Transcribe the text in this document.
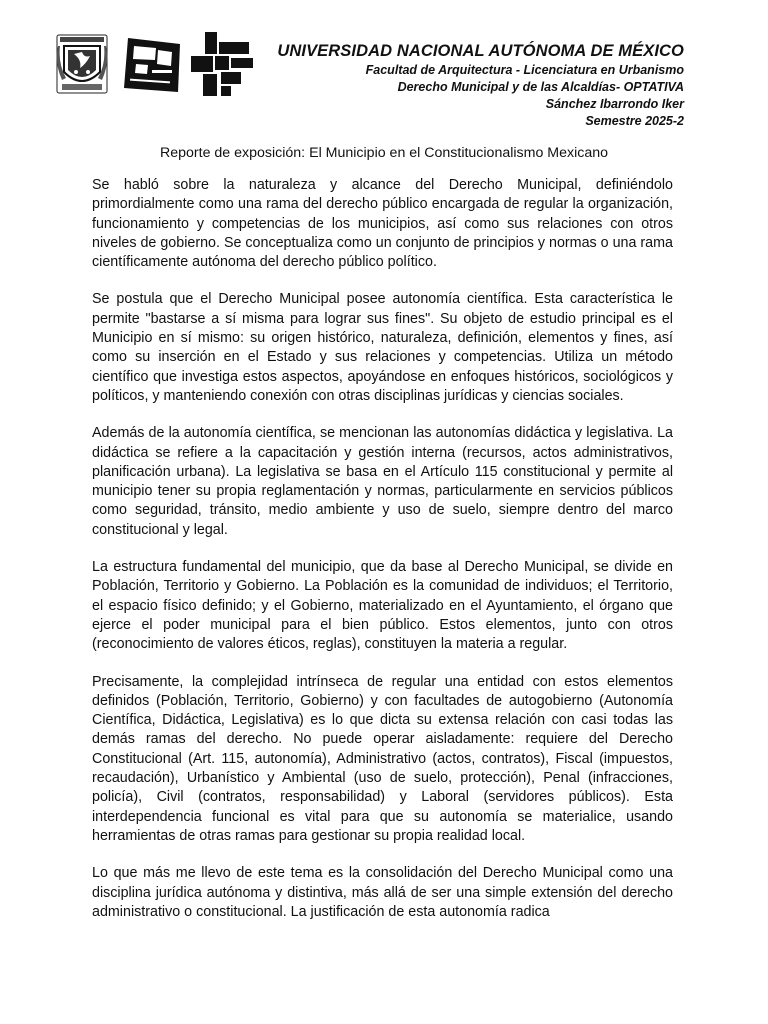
UNIVERSIDAD NACIONAL AUTÓNOMA DE MÉXICO
Facultad de Arquitectura - Licenciatura en Urbanismo
Derecho Municipal y de las Alcaldías- OPTATIVA
Sánchez Ibarrondo Iker
Semestre 2025-2
Reporte de exposición: El Municipio en el Constitucionalismo Mexicano

Se habló sobre la naturaleza y alcance del Derecho Municipal, definiéndolo primordialmente como una rama del derecho público encargada de regular la organización, funcionamiento y competencias de los municipios, así como sus relaciones con otros niveles de gobierno. Se conceptualiza como un conjunto de principios y normas o una rama científicamente autónoma del derecho público político.

Se postula que el Derecho Municipal posee autonomía científica. Esta característica le permite "bastarse a sí misma para lograr sus fines". Su objeto de estudio principal es el Municipio en sí mismo: su origen histórico, naturaleza, definición, elementos y fines, así como su inserción en el Estado y sus relaciones y competencias. Utiliza un método científico que investiga estos aspectos, apoyándose en enfoques históricos, sociológicos y políticos, y manteniendo conexión con otras disciplinas jurídicas y ciencias sociales.

Además de la autonomía científica, se mencionan las autonomías didáctica y legislativa. La didáctica se refiere a la capacitación y gestión interna (recursos, actos administrativos, planificación urbana). La legislativa se basa en el Artículo 115 constitucional y permite al municipio tener su propia reglamentación y normas, particularmente en servicios públicos como seguridad, tránsito, medio ambiente y uso de suelo, siempre dentro del marco constitucional y legal.

La estructura fundamental del municipio, que da base al Derecho Municipal, se divide en Población, Territorio y Gobierno. La Población es la comunidad de individuos; el Territorio, el espacio físico definido; y el Gobierno, materializado en el Ayuntamiento, el órgano que ejerce el poder municipal para el bien público. Estos elementos, junto con otros (reconocimiento de valores éticos, reglas), constituyen la materia a regular.

Precisamente, la complejidad intrínseca de regular una entidad con estos elementos definidos (Población, Territorio, Gobierno) y con facultades de autogobierno (Autonomía Científica, Didáctica, Legislativa) es lo que dicta su extensa relación con casi todas las demás ramas del derecho. No puede operar aisladamente: requiere del Derecho Constitucional (Art. 115, autonomía), Administrativo (actos, contratos), Fiscal (impuestos, recaudación), Urbanístico y Ambiental (uso de suelo, protección), Penal (infracciones, policía), Civil (contratos, responsabilidad) y Laboral (servidores públicos). Esta interdependencia funcional es vital para que su autonomía se materialice, usando herramientas de otras ramas para gestionar su propia realidad local.

Lo que más me llevo de este tema es la consolidación del Derecho Municipal como una disciplina jurídica autónoma y distintiva, más allá de ser una simple extensión del derecho administrativo o constitucional. La justificación de esta autonomía radica
